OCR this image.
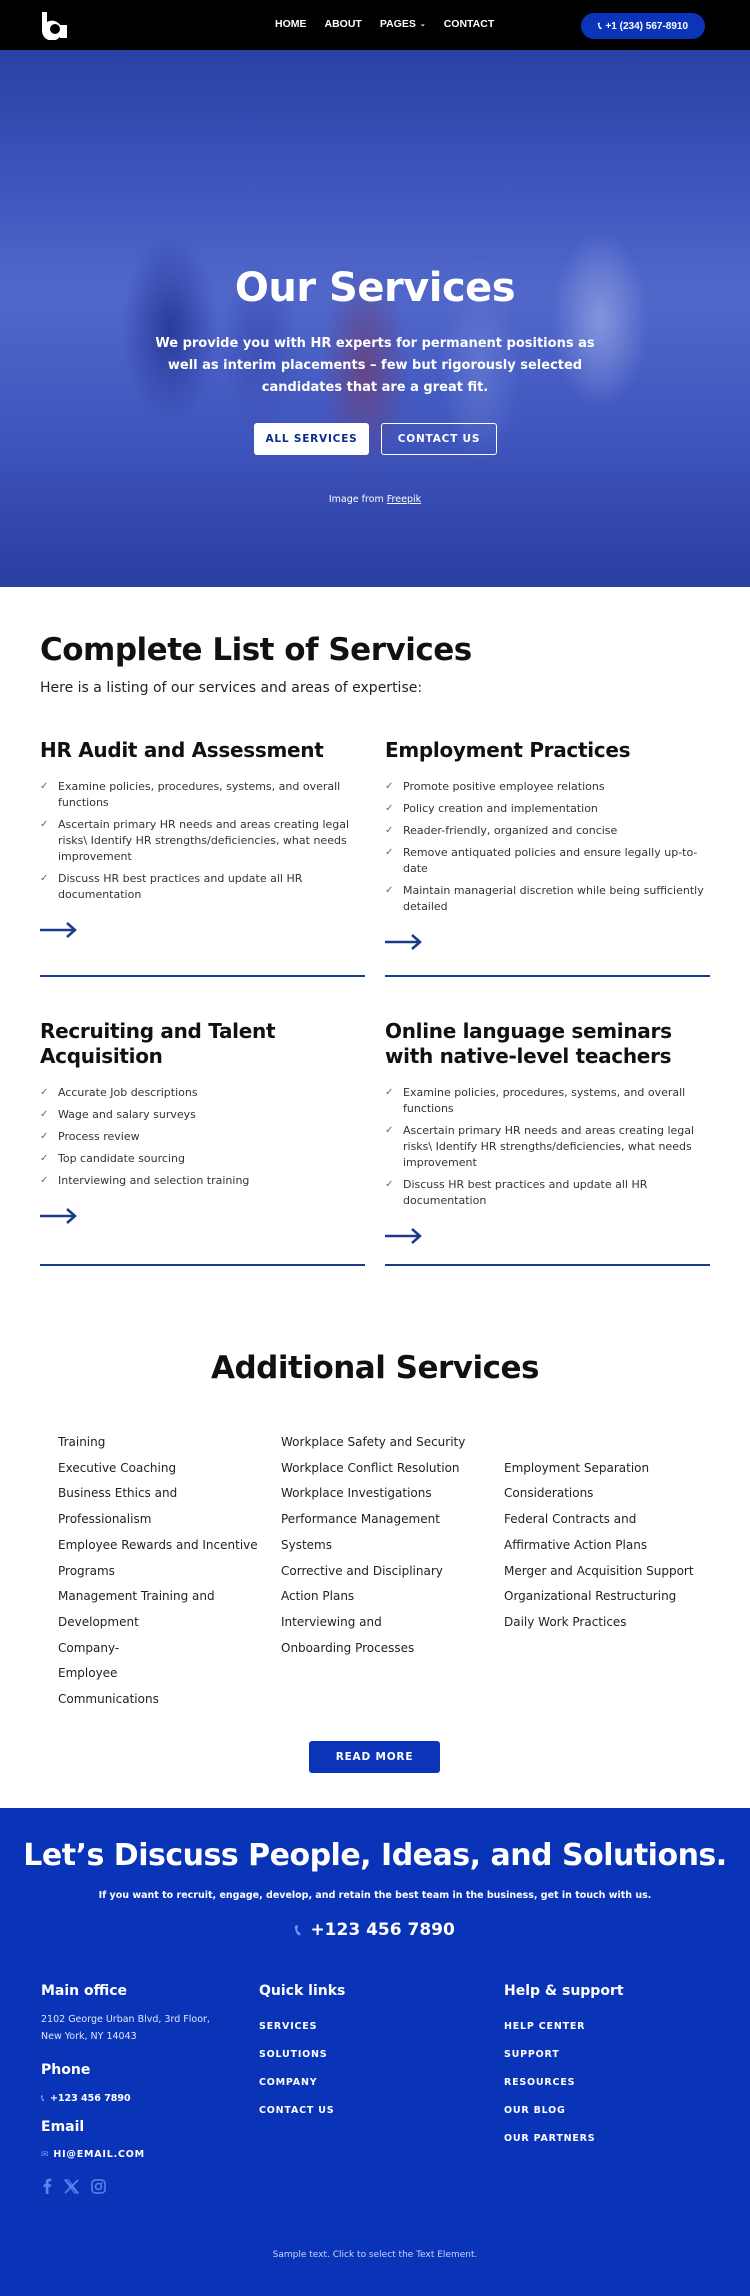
HOME ABOUT PAGES ⌄ CONTACT	📞︎ +1 (234) 567-8910
Our Services

We provide you with HR experts for permanent positions as well as interim placements – few but rigorously selected candidates that are a great fit.

ALL SERVICES	CONTACT US
Image from Freepik
Complete List of Services
Here is a listing of our services and areas of expertise:
HR Audit and Assessment
✓ Examine policies, procedures, systems, and overall functions
✓ Ascertain primary HR needs and areas creating legal risks\ Identify HR strengths/deficiencies, what needs improvement
✓ Discuss HR best practices and update all HR documentation
Employment Practices
✓ Promote positive employee relations
✓ Policy creation and implementation
✓ Reader-friendly, organized and concise
✓ Remove antiquated policies and ensure legally up-to-date
✓ Maintain managerial discretion while being sufficiently detailed
Recruiting and Talent Acquisition
✓ Accurate Job descriptions
✓ Wage and salary surveys
✓ Process review
✓ Top candidate sourcing
✓ Interviewing and selection training
Online language seminars with native-level teachers
✓ Examine policies, procedures, systems, and overall functions
✓ Ascertain primary HR needs and areas creating legal risks\ Identify HR strengths/deficiencies, what needs improvement
✓ Discuss HR best practices and update all HR documentation
Additional Services
Training
Executive Coaching
Business Ethics and Professionalism
Employee Rewards and Incentive Programs
Management Training and Development
Company-Employee Communications
Workplace Safety and Security
Workplace Conflict Resolution
Workplace Investigations
Performance Management Systems
Corrective and Disciplinary Action Plans
Interviewing and Onboarding Processes
Employment Separation Considerations
Federal Contracts and Affirmative Action Plans
Merger and Acquisition Support
Organizational Restructuring
Daily Work Practices
READ MORE
Let’s Discuss People, Ideas, and Solutions.
If you want to recruit, engage, develop, and retain the best team in the business, get in touch with us.
📞︎ +123 456 7890
Main office
2102 George Urban Blvd, 3rd Floor,
New York, NY 14043
Phone
📞︎ +123 456 7890
Email
✉ HI@EMAIL.COM
Quick links
SERVICES
SOLUTIONS
COMPANY
CONTACT US
Help & support
HELP CENTER
SUPPORT
RESOURCES
OUR BLOG
OUR PARTNERS
Sample text. Click to select the Text Element.
